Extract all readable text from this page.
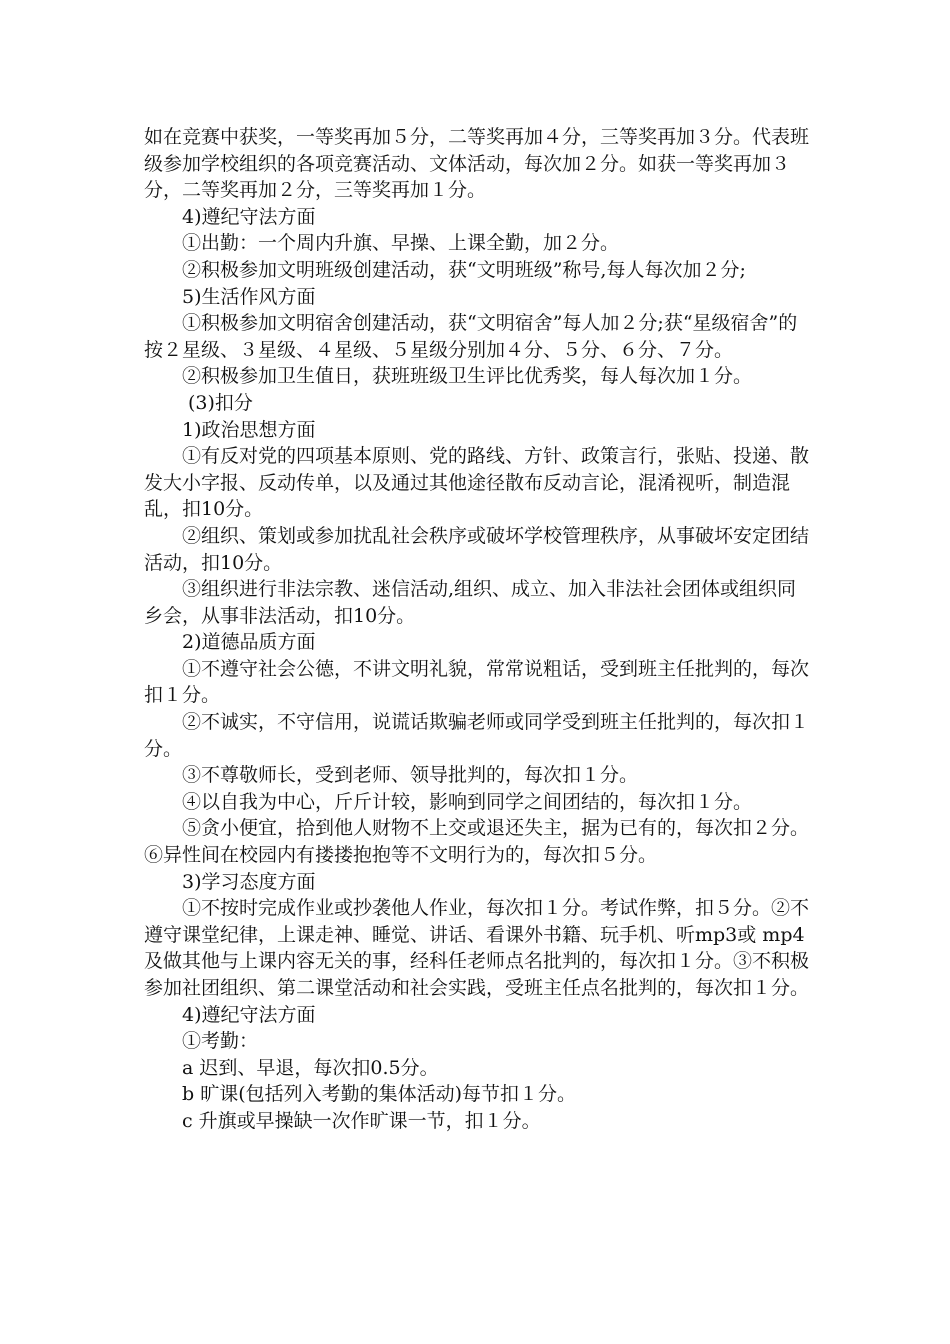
如在竞赛中获奖，一等奖再加５分，二等奖再加４分，三等奖再加３分。代表班级参加学校组织的各项竞赛活动、文体活动，每次加２分。如获一等奖再加３分，二等奖再加２分，三等奖再加１分。

4)遵纪守法方面

①出勤：一个周内升旗、早操、上课全勤，加２分。

②积极参加文明班级创建活动，获“文明班级”称号,每人每次加２分;

5)生活作风方面

①积极参加文明宿舍创建活动，获“文明宿舍”每人加２分;获“星级宿舍”的按２星级、３星级、４星级、５星级分别加４分、５分、６分、７分。

②积极参加卫生值日，获班班级卫生评比优秀奖，每人每次加１分。

(3)扣分

1)政治思想方面

①有反对党的四项基本原则、党的路线、方针、政策言行，张贴、投递、散发大小字报、反动传单，以及通过其他途径散布反动言论，混淆视听，制造混乱，扣10分。

②组织、策划或参加扰乱社会秩序或破坏学校管理秩序，从事破坏安定团结活动，扣10分。

③组织进行非法宗教、迷信活动,组织、成立、加入非法社会团体或组织同乡会，从事非法活动，扣10分。

2)道德品质方面

①不遵守社会公德，不讲文明礼貌，常常说粗话，受到班主任批判的，每次扣１分。

②不诚实，不守信用，说谎话欺骗老师或同学受到班主任批判的，每次扣１分。

③不尊敬师长，受到老师、领导批判的，每次扣１分。

④以自我为中心，斤斤计较，影响到同学之间团结的，每次扣１分。

⑤贪小便宜，拾到他人财物不上交或退还失主，据为已有的，每次扣２分。⑥异性间在校园内有搂搂抱抱等不文明行为的，每次扣５分。

3)学习态度方面

①不按时完成作业或抄袭他人作业，每次扣１分。考试作弊，扣５分。②不遵守课堂纪律，上课走神、睡觉、讲话、看课外书籍、玩手机、听mp3或 mp4及做其他与上课内容无关的事，经科任老师点名批判的，每次扣１分。③不积极参加社团组织、第二课堂活动和社会实践，受班主任点名批判的，每次扣１分。

4)遵纪守法方面

①考勤：

a 迟到、早退，每次扣0.5分。

b 旷课(包括列入考勤的集体活动)每节扣１分。

c 升旗或早操缺一次作旷课一节，扣１分。
